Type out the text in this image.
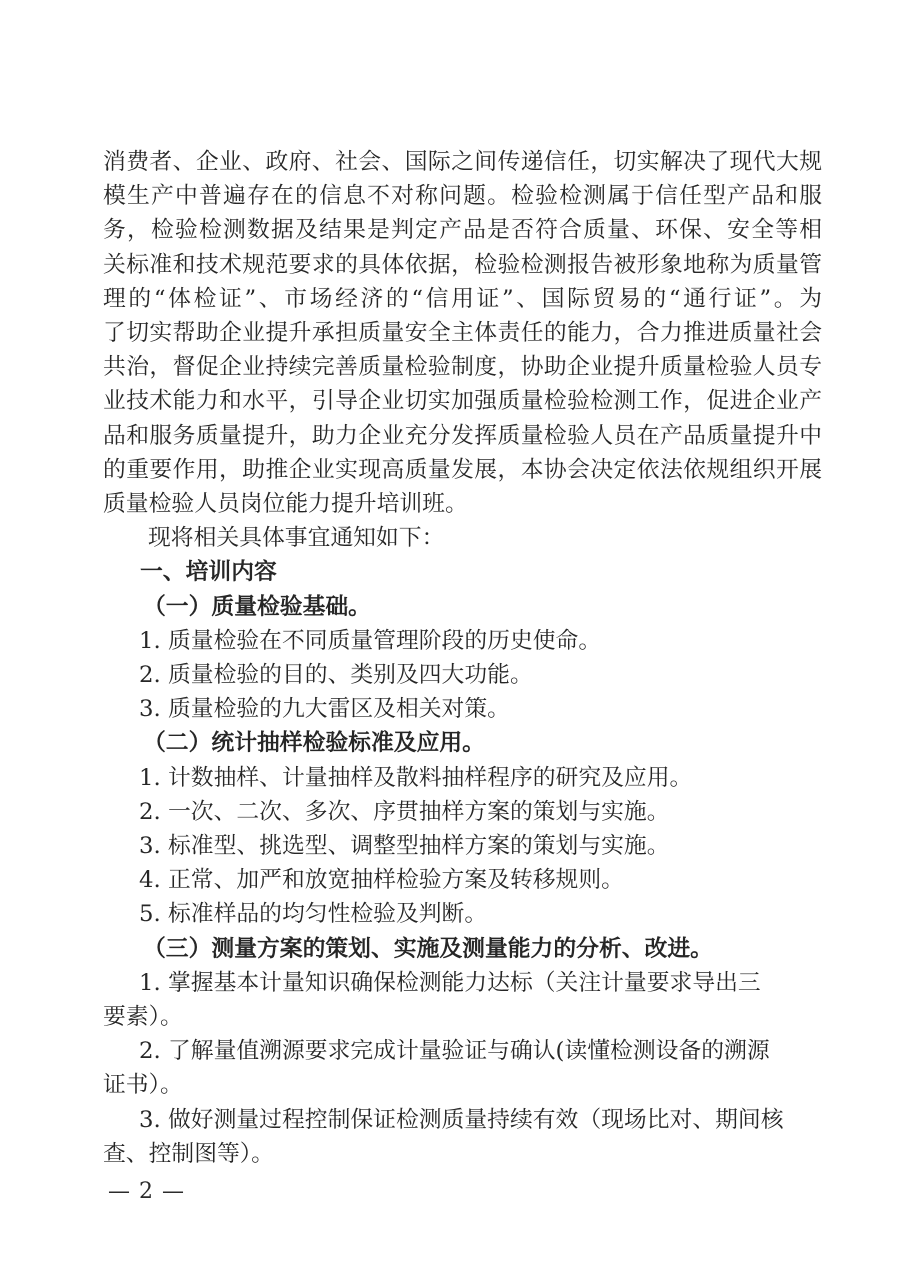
消费者、企业、政府、社会、国际之间传递信任，切实解决了现代大规
模生产中普遍存在的信息不对称问题。检验检测属于信任型产品和服
务，检验检测数据及结果是判定产品是否符合质量、环保、安全等相
关标准和技术规范要求的具体依据，检验检测报告被形象地称为质量管
理的“体检证”、市场经济的“信用证”、国际贸易的“通行证”。为
了切实帮助企业提升承担质量安全主体责任的能力，合力推进质量社会
共治，督促企业持续完善质量检验制度，协助企业提升质量检验人员专
业技术能力和水平，引导企业切实加强质量检验检测工作，促进企业产
品和服务质量提升，助力企业充分发挥质量检验人员在产品质量提升中
的重要作用，助推企业实现高质量发展，本协会决定依法依规组织开展
质量检验人员岗位能力提升培训班。
现将相关具体事宜通知如下：
一、培训内容
（一）质量检验基础。
1. 质量检验在不同质量管理阶段的历史使命。
2. 质量检验的目的、类别及四大功能。
3. 质量检验的九大雷区及相关对策。
（二）统计抽样检验标准及应用。
1. 计数抽样、计量抽样及散料抽样程序的研究及应用。
2. 一次、二次、多次、序贯抽样方案的策划与实施。
3. 标准型、挑选型、调整型抽样方案的策划与实施。
4. 正常、加严和放宽抽样检验方案及转移规则。
5. 标准样品的均匀性检验及判断。
（三）测量方案的策划、实施及测量能力的分析、改进。
1. 掌握基本计量知识确保检测能力达标（关注计量要求导出三
要素）。
2. 了解量值溯源要求完成计量验证与确认(读懂检测设备的溯源
证书）。
3. 做好测量过程控制保证检测质量持续有效（现场比对、期间核
查、控制图等）。
— 2 —
